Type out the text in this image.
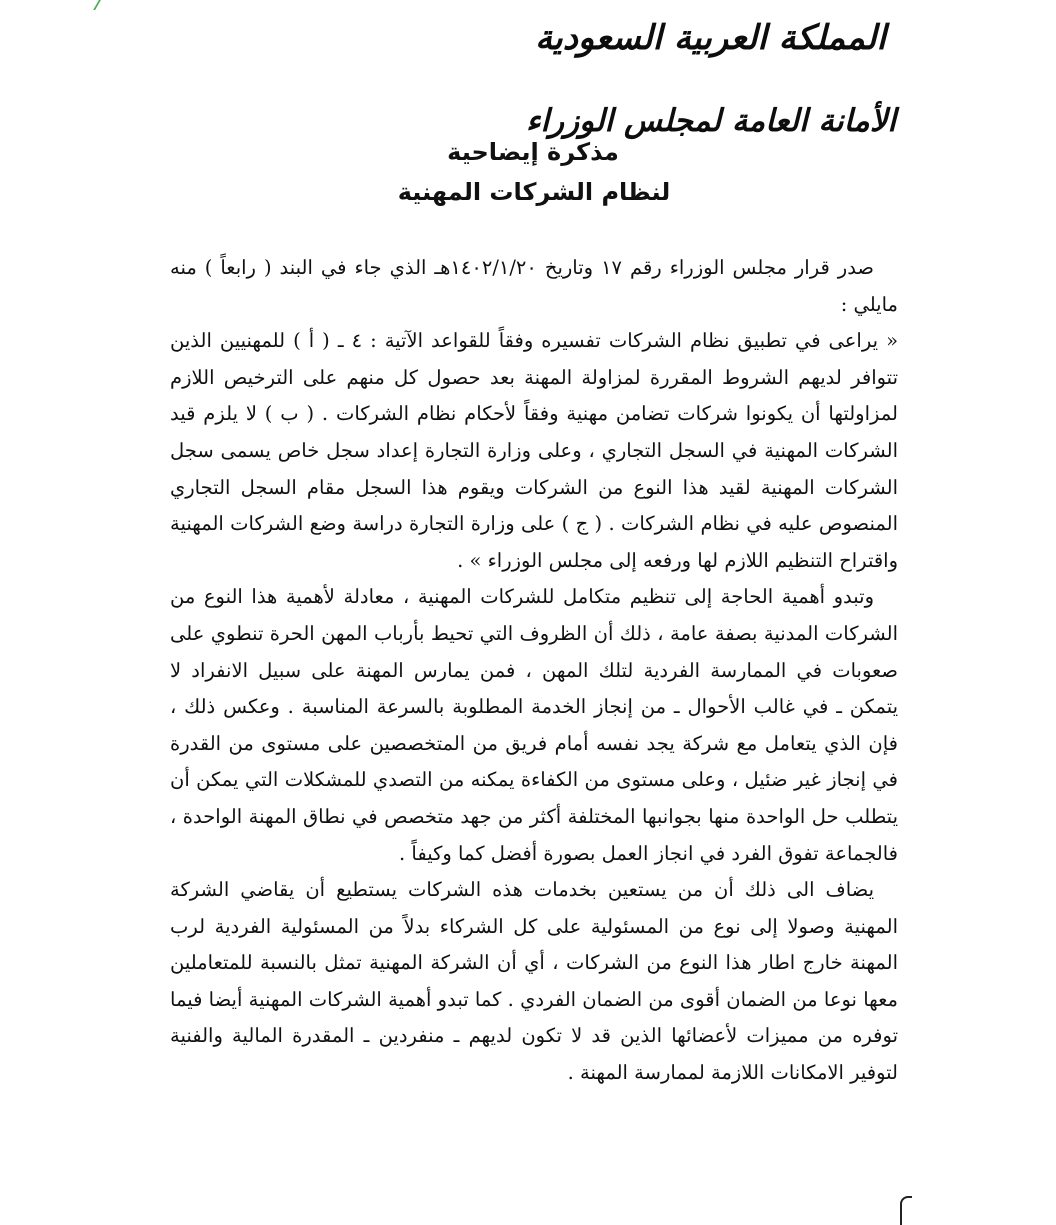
المملكة العربية السعودية
الأمانة العامة لمجلس الوزراء
مذكرة إيضاحية
لنظام الشركات المهنية

صدر قرار مجلس الوزراء رقم ١٧ وتاريخ ١٤٠٢/١/٢٠هـ الذي جاء في البند ( رابعاً ) منه مايلي :

« يراعى في تطبيق نظام الشركات تفسيره وفقاً للقواعد الآتية : ٤ ـ ( أ ) للمهنيين الذين تتوافر لديهم الشروط المقررة لمزاولة المهنة بعد حصول كل منهم على الترخيص اللازم لمزاولتها أن يكونوا شركات تضامن مهنية وفقاً لأحكام نظام الشركات . ( ب ) لا يلزم قيد الشركات المهنية في السجل التجاري ، وعلى وزارة التجارة إعداد سجل خاص يسمى سجل الشركات المهنية لقيد هذا النوع من الشركات ويقوم هذا السجل مقام السجل التجاري المنصوص عليه في نظام الشركات . ( ج ) على وزارة التجارة دراسة وضع الشركات المهنية واقتراح التنظيم اللازم لها ورفعه إلى مجلس الوزراء » .

وتبدو أهمية الحاجة إلى تنظيم متكامل للشركات المهنية ، معادلة لأهمية هذا النوع من الشركات المدنية بصفة عامة ، ذلك أن الظروف التي تحيط بأرباب المهن الحرة تنطوي على صعوبات في الممارسة الفردية لتلك المهن ، فمن يمارس المهنة على سبيل الانفراد لا يتمكن ـ في غالب الأحوال ـ من إنجاز الخدمة المطلوبة بالسرعة المناسبة . وعكس ذلك ، فإن الذي يتعامل مع شركة يجد نفسه أمام فريق من المتخصصين على مستوى من القدرة في إنجاز غير ضئيل ، وعلى مستوى من الكفاءة يمكنه من التصدي للمشكلات التي يمكن أن يتطلب حل الواحدة منها بجوانبها المختلفة أكثر من جهد متخصص في نطاق المهنة الواحدة ، فالجماعة تفوق الفرد في انجاز العمل بصورة أفضل كما وكيفاً .

يضاف الى ذلك أن من يستعين بخدمات هذه الشركات يستطيع أن يقاضي الشركة المهنية وصولا إلى نوع من المسئولية على كل الشركاء بدلاً من المسئولية الفردية لرب المهنة خارج اطار هذا النوع من الشركات ، أي أن الشركة المهنية تمثل بالنسبة للمتعاملين معها نوعا من الضمان أقوى من الضمان الفردي . كما تبدو أهمية الشركات المهنية أيضا فيما توفره من مميزات لأعضائها الذين قد لا تكون لديهم ـ منفردين ـ المقدرة المالية والفنية لتوفير الامكانات اللازمة لممارسة المهنة .
